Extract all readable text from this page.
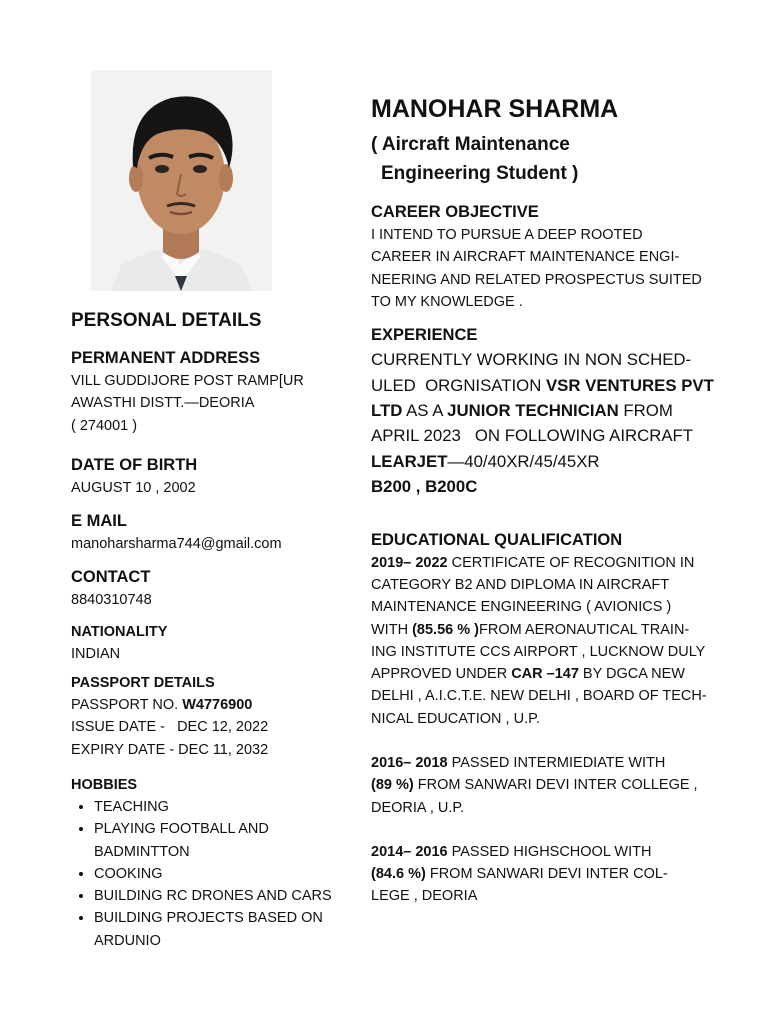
PERSONAL DETAILS
PERMANENT ADDRESS
VILL GUDDIJORE POST RAMP[UR
AWASTHI DISTT.—DEORIA
( 274001 )
DATE OF BIRTH
AUGUST 10 , 2002
E MAIL
manoharsharma744@gmail.com
CONTACT
8840310748
NATIONALITY
INDIAN
PASSPORT DETAILS
PASSPORT NO. W4776900
ISSUE DATE -   DEC 12, 2022
EXPIRY DATE - DEC 11, 2032
HOBBIES
• TEACHING
• PLAYING FOOTBALL AND BADMINTTON
• COOKING
• BUILDING RC DRONES AND CARS
• BUILDING PROJECTS BASED ON ARDUNIO
MANOHAR SHARMA
( Aircraft Maintenance
Engineering Student )
CAREER OBJECTIVE
I INTEND TO PURSUE A DEEP ROOTED
CAREER IN AIRCRAFT MAINTENANCE ENGI-
NEERING AND RELATED PROSPECTUS SUITED
TO MY KNOWLEDGE .
EXPERIENCE
CURRENTLY WORKING IN NON SCHED-
ULED  ORGNISATION VSR VENTURES PVT
LTD AS A JUNIOR TECHNICIAN FROM
APRIL 2023   ON FOLLOWING AIRCRAFT
LEARJET—40/40XR/45/45XR
B200 , B200C
EDUCATIONAL QUALIFICATION
2019– 2022 CERTIFICATE OF RECOGNITION IN
CATEGORY B2 AND DIPLOMA IN AIRCRAFT
MAINTENANCE ENGINEERING ( AVIONICS )
WITH (85.56 % )FROM AERONAUTICAL TRAIN-
ING INSTITUTE CCS AIRPORT , LUCKNOW DULY
APPROVED UNDER CAR –147 BY DGCA NEW
DELHI , A.I.C.T.E. NEW DELHI , BOARD OF TECH-
NICAL EDUCATION , U.P.
2016– 2018 PASSED INTERMIEDIATE WITH
(89 %) FROM SANWARI DEVI INTER COLLEGE ,
DEORIA , U.P.
2014– 2016 PASSED HIGHSCHOOL WITH
(84.6 %) FROM SANWARI DEVI INTER COL-
LEGE , DEORIA
